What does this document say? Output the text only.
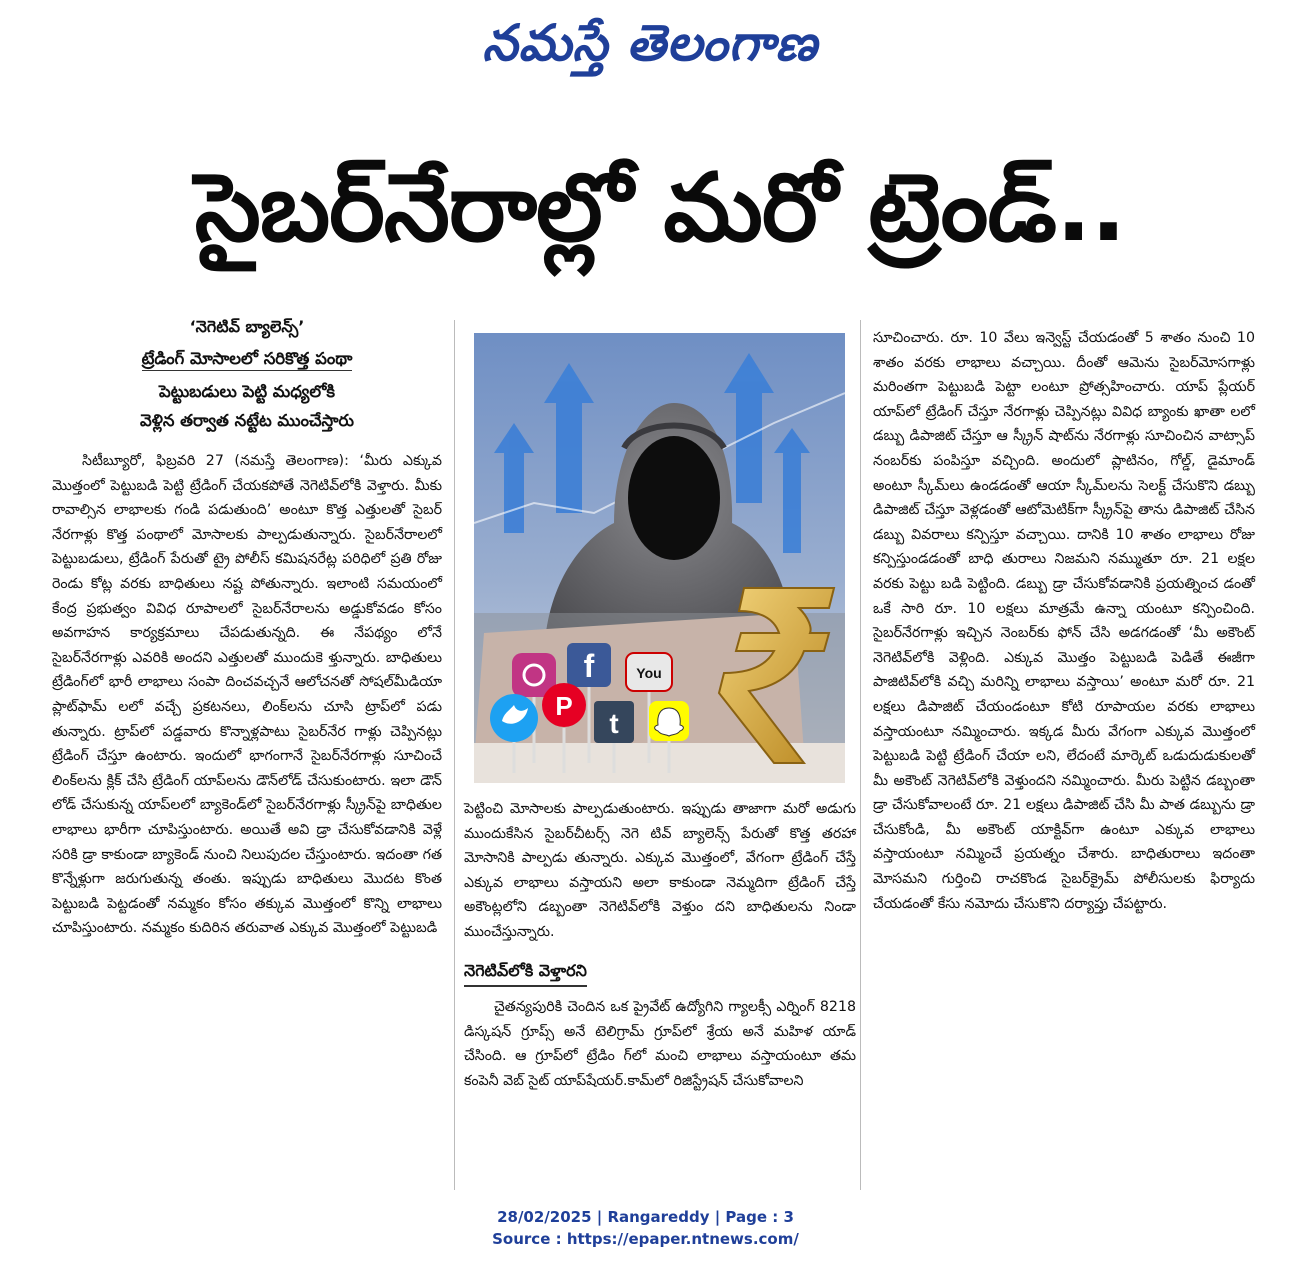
నమస్తే తెలంగాణ
సైబర్‌నేరాల్లో మరో ట్రెండ్‌..
‘నెగెటివ్‌ బ్యాలెన్స్‌’
ట్రేడింగ్‌ మోసాలలో సరికొత్త పంథా
పెట్టుబడులు పెట్టి మధ్యలోకి
వెళ్లిన తర్వాత నట్టేట ముంచేస్తారు

సిటీబ్యూరో, ఫిబ్రవరి 27 (నమస్తే తెలంగాణ): ‘మీరు ఎక్కువ మొత్తంలో పెట్టుబడి పెట్టి ట్రేడింగ్‌ చేయకపోతే నెగెటివ్‌లోకి వెళ్తారు. మీకు రావాల్సిన లాభాలకు గండి పడుతుంది’ అంటూ కొత్త ఎత్తులతో సైబర్‌ నేరగాళ్లు కొత్త పంథాలో మోసాలకు పాల్పడుతున్నారు. సైబర్‌నేరాలలో పెట్టుబడులు, ట్రేడింగ్‌ పేరుతో ట్రై పోలీస్‌ కమిషనరేట్ల పరిధిలో ప్రతి రోజు రెండు కోట్ల వరకు బాధితులు నష్ట పోతున్నారు. ఇలాంటి సమయంలో కేంద్ర ప్రభుత్వం వివిధ రూపాలలో సైబర్‌నేరాలను అడ్డుకోవడం కోసం అవగాహన కార్యక్రమాలు చేపడుతున్నది. ఈ నేపథ్యం లోనే సైబర్‌నేరగాళ్లు ఎవరికి అందని ఎత్తులతో ముందుకె ళ్తున్నారు. బాధితులు ట్రేడింగ్‌లో భారీ లాభాలు సంపా దించవచ్చనే ఆలోచనతో సోషల్‌మీడియా ప్లాట్‌ఫామ్‌ లలో వచ్చే ప్రకటనలు, లింక్‌లను చూసి ట్రాప్‌లో పడు తున్నారు. ట్రాప్‌లో పడ్డవారు కొన్నాళ్లపాటు సైబర్‌నేర గాళ్లు చెప్పినట్లు ట్రేడింగ్‌ చేస్తూ ఉంటారు. ఇందులో భాగంగానే సైబర్‌నేరగాళ్లు సూచించే లింక్‌లను క్లిక్‌ చేసి ట్రేడింగ్‌ యాప్‌లను డౌన్‌లోడ్‌ చేసుకుంటారు. ఇలా డౌన్‌ లోడ్‌ చేసుకున్న యాప్‌లలో బ్యాకెండ్‌లో సైబర్‌నేరగాళ్లు స్క్రీన్‌పై బాధితుల లాభాలు భారీగా చూపిస్తుంటారు. అయితే అవి డ్రా చేసుకోవడానికి వెళ్లే సరికి డ్రా కాకుండా బ్యాకెండ్‌ నుంచి నిలుపుదల చేస్తుంటారు. ఇదంతా గత కొన్నేళ్లుగా జరుగుతున్న తంతు. ఇప్పుడు బాధితులు మొదట కొంత పెట్టుబడి పెట్టడంతో నమ్మకం కోసం తక్కువ మొత్తంలో కొన్ని లాభాలు చూపిస్తుంటారు. నమ్మకం కుదిరిన తరువాత ఎక్కువ మొత్తంలో పెట్టుబడి

f	You
P
t

పెట్టించి మోసాలకు పాల్పడుతుంటారు. ఇప్పుడు తాజాగా మరో అడుగు ముందుకేసిన సైబర్‌చీటర్స్‌ నెగె టివ్‌ బ్యాలెన్స్‌ పేరుతో కొత్త తరహా మోసానికి పాల్పడు తున్నారు. ఎక్కువ మొత్తంలో, వేగంగా ట్రేడింగ్‌ చేస్తే ఎక్కువ లాభాలు వస్తాయని అలా కాకుండా నెమ్మదిగా ట్రేడింగ్‌ చేస్తే అకౌంట్లలోని డబ్బంతా నెగెటివ్‌లోకి వెళ్తుం దని బాధితులను నిండా ముంచేస్తున్నారు.

నెగెటివ్‌లోకి వెళ్తారని

చైతన్యపురికి చెందిన ఒక ప్రైవేట్‌ ఉద్యోగిని గ్యాలక్సీ ఎర్నింగ్‌ 8218 డిస్కషన్‌ గ్రూప్స్‌ అనే టెలిగ్రామ్‌ గ్రూప్‌లో శ్రేయ అనే మహిళ యాడ్‌ చేసింది. ఆ గ్రూప్‌లో ట్రేడిం గ్‌లో మంచి లాభాలు వస్తాయంటూ తమ కంపెనీ వెబ్‌ సైట్‌ యాప్‌షేయర్‌.కామ్‌లో రిజిస్ట్రేషన్‌ చేసుకోవాలని

సూచించారు. రూ. 10 వేలు ఇన్వెస్ట్‌ చేయడంతో 5 శాతం నుంచి 10 శాతం వరకు లాభాలు వచ్చాయి. దీంతో ఆమెను సైబర్‌మోసగాళ్లు మరింతగా పెట్టుబడి పెట్టా లంటూ ప్రోత్సహించారు. యాప్‌ ప్లేయర్‌ యాప్‌లో ట్రేడింగ్‌ చేస్తూ నేరగాళ్లు చెప్పినట్లు వివిధ బ్యాంకు ఖాతా లలో డబ్బు డిపాజిట్‌ చేస్తూ ఆ స్క్రీన్‌ షాట్‌ను నేరగాళ్లు సూచించిన వాట్సాప్‌ నంబర్‌కు పంపిస్తూ వచ్చింది. అందులో ప్లాటినం, గోల్డ్‌, డైమాండ్‌ అంటూ స్కీమ్‌లు ఉండడంతో ఆయా స్కీమ్‌లను సెలక్ట్‌ చేసుకొని డబ్బు డిపాజిట్‌ చేస్తూ వెళ్లడంతో ఆటోమెటిక్‌గా స్క్రీన్‌పై తాను డిపాజిట్‌ చేసిన డబ్బు వివరాలు కన్పిస్తూ వచ్చాయి. దానికి 10 శాతం లాభాలు రోజు కన్పిస్తుండడంతో బాధి తురాలు నిజమని నమ్ముతూ రూ. 21 లక్షల వరకు పెట్టు బడి పెట్టింది. డబ్బు డ్రా చేసుకోవడానికి ప్రయత్నించ డంతో ఒకే సారి రూ. 10 లక్షలు మాత్రమే ఉన్నా యంటూ కన్పించింది. సైబర్‌నేరగాళ్లు ఇచ్చిన నెంబర్‌కు ఫోన్‌ చేసి అడగడంతో ‘మీ అకౌంట్‌ నెగెటివ్‌లోకి వెళ్లింది. ఎక్కువ మొత్తం పెట్టుబడి పెడితే ఈజీగా పాజిటివ్‌లోకి వచ్చి మరిన్ని లాభాలు వస్తాయి’ అంటూ మరో రూ. 21 లక్షలు డిపాజిట్‌ చేయండంటూ కోటి రూపాయల వరకు లాభాలు వస్తాయంటూ నమ్మించారు. ఇక్కడ మీరు వేగంగా ఎక్కువ మొత్తంలో పెట్టుబడి పెట్టి ట్రేడింగ్‌ చేయా లని, లేదంటే మార్కెట్‌ ఒడుదుడుకులతో మీ అకౌంట్‌ నెగెటివ్‌లోకి వెళ్తుందని నమ్మించారు. మీరు పెట్టిన డబ్బంతా డ్రా చేసుకోవాలంటే రూ. 21 లక్షలు డిపాజిట్‌ చేసి మీ పాత డబ్బును డ్రా చేసుకోండి, మీ అకౌంట్‌ యాక్టివ్‌గా ఉంటూ ఎక్కువ లాభాలు వస్తాయంటూ నమ్మించే ప్రయత్నం చేశారు. బాధితురాలు ఇదంతా మోసమని గుర్తించి రాచకొండ సైబర్‌క్రైమ్‌ పోలీసులకు ఫిర్యాదు చేయడంతో కేసు నమోదు చేసుకొని దర్యాప్తు చేపట్టారు.

28/02/2025 | Rangareddy | Page : 3
Source : https://epaper.ntnews.com/
